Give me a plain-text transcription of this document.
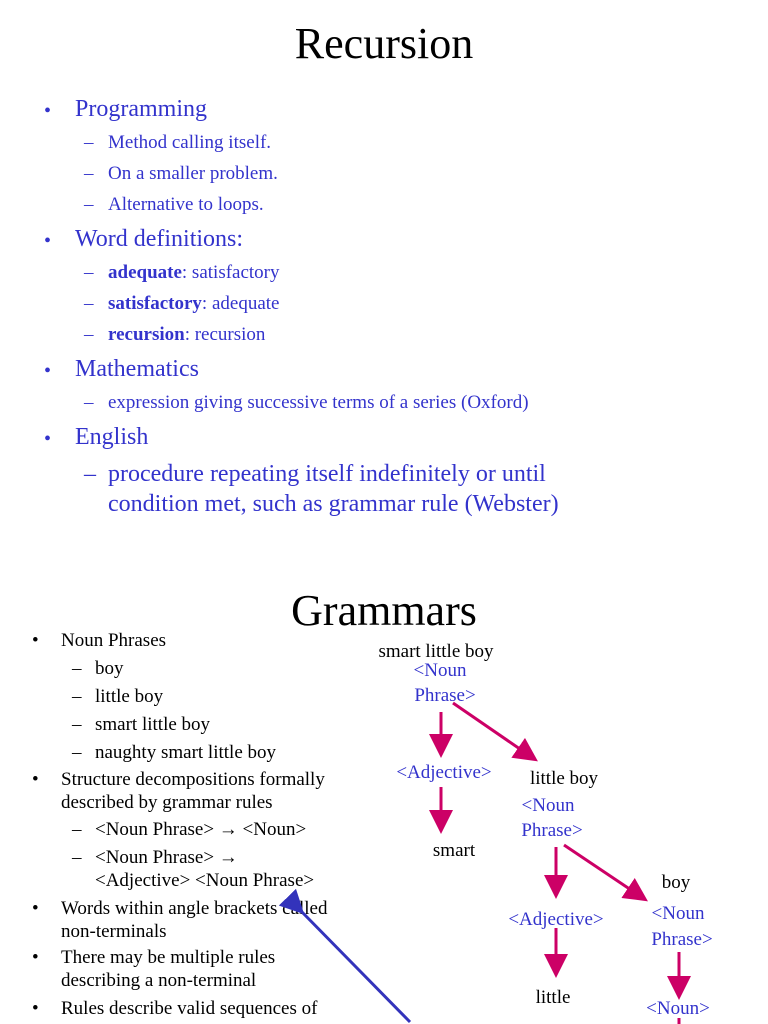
Recursion
• Programming
– Method calling itself.
– On a smaller problem.
– Alternative to loops.
• Word definitions:
– adequate: satisfactory
– satisfactory: adequate
– recursion: recursion
• Mathematics
– expression giving successive terms of a series (Oxford)
• English
– procedure repeating itself indefinitely or until
condition met, such as grammar rule (Webster)
Grammars
• Noun Phrases
– boy
– little boy
– smart little boy
– naughty smart little boy
• Structure decompositions formally
described by grammar rules
– <Noun Phrase> → <Noun>
– <Noun Phrase> →
<Adjective> <Noun Phrase>
• Words within angle brackets called
non-terminals
• There may be multiple rules
describing a non-terminal
• Rules describe valid sequences of
smart little boy
<Noun
Phrase>
<Adjective>
smart
little boy
<Noun
Phrase>
<Adjective>
little
boy
<Noun
Phrase>
<Noun>
